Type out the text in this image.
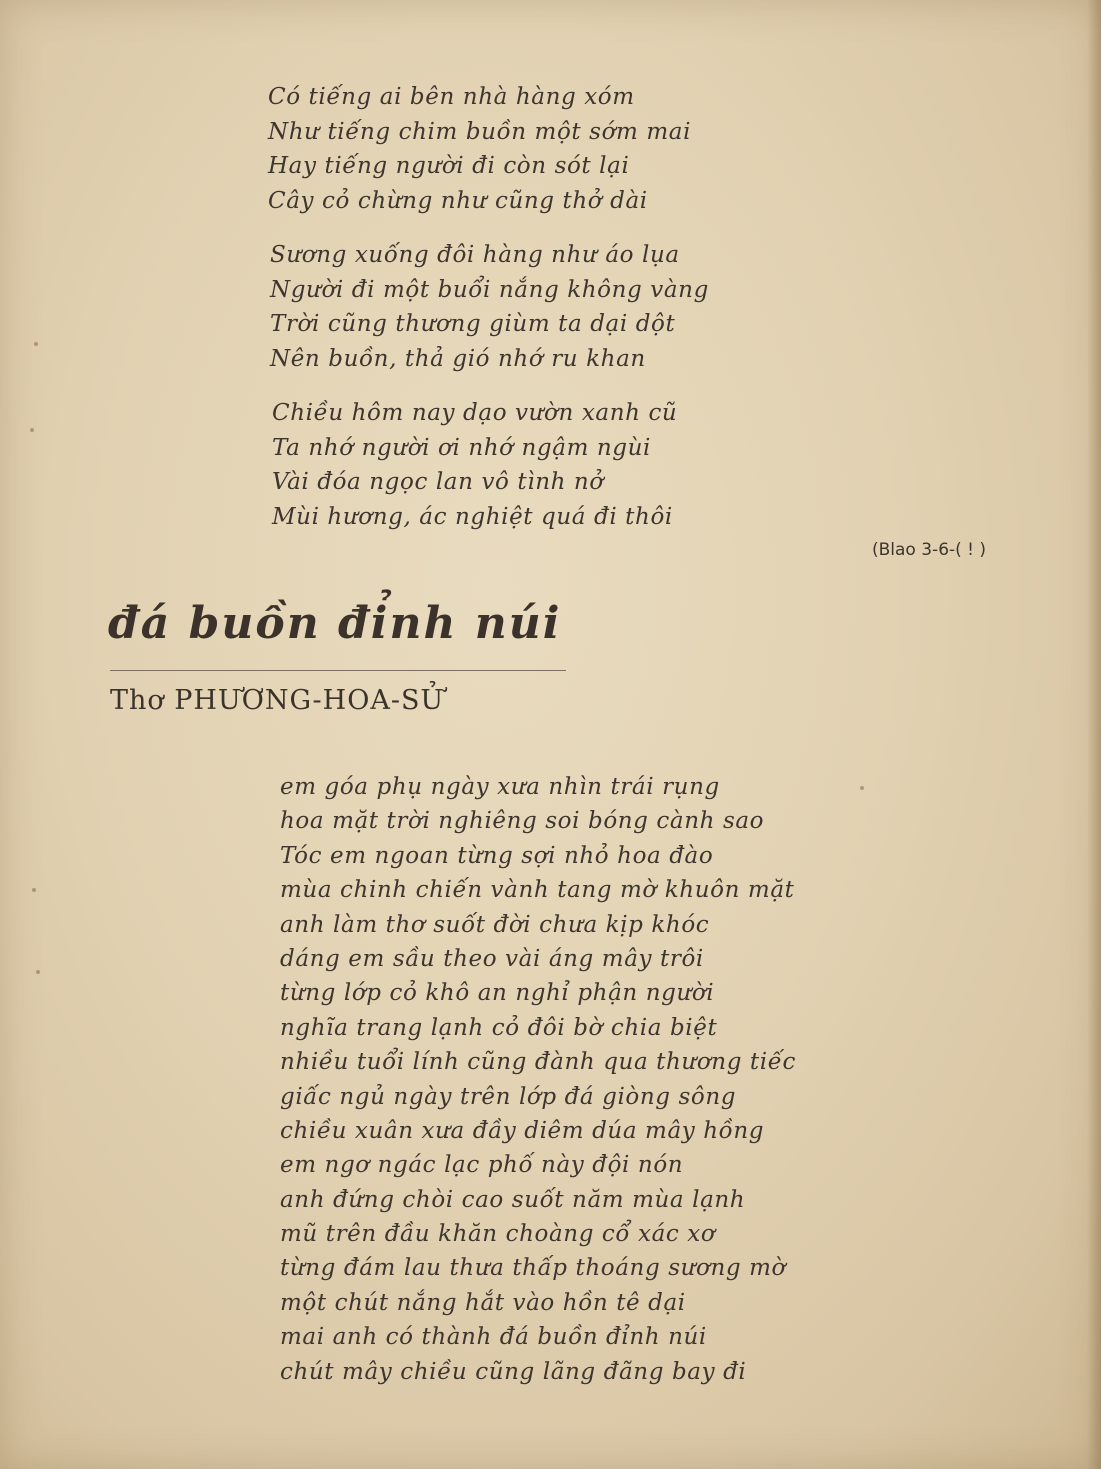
Có tiếng ai bên nhà hàng xóm
Như tiếng chim buồn một sớm mai
Hay tiếng người đi còn sót lại
Cây cỏ chừng như cũng thở dài
Sương xuống đôi hàng như áo lụa
Người đi một buổi nắng không vàng
Trời cũng thương giùm ta dại dột
Nên buồn, thả gió nhớ ru khan
Chiều hôm nay dạo vườn xanh cũ
Ta nhớ người ơi nhớ ngậm ngùi
Vài đóa ngọc lan vô tình nở
Mùi hương, ác nghiệt quá đi thôi
(Blao 3-6-( ! )
đá buồn đỉnh núi
Thơ PHƯƠNG-HOA-SỬ
em góa phụ ngày xưa nhìn trái rụng
hoa mặt trời nghiêng soi bóng cành sao
Tóc em ngoan từng sợi nhỏ hoa đào
mùa chinh chiến vành tang mờ khuôn mặt
anh làm thơ suốt đời chưa kịp khóc
dáng em sầu theo vài áng mây trôi
từng lớp cỏ khô an nghỉ phận người
nghĩa trang lạnh cỏ đôi bờ chia biệt
nhiều tuổi lính cũng đành qua thương tiếc
giấc ngủ ngày trên lớp đá giòng sông
chiều xuân xưa đầy diêm dúa mây hồng
em ngơ ngác lạc phố này đội nón
anh đứng chòi cao suốt năm mùa lạnh
mũ trên đầu khăn choàng cổ xác xơ
từng đám lau thưa thấp thoáng sương mờ
một chút nắng hắt vào hồn tê dại
mai anh có thành đá buồn đỉnh núi
chút mây chiều cũng lãng đãng bay đi
